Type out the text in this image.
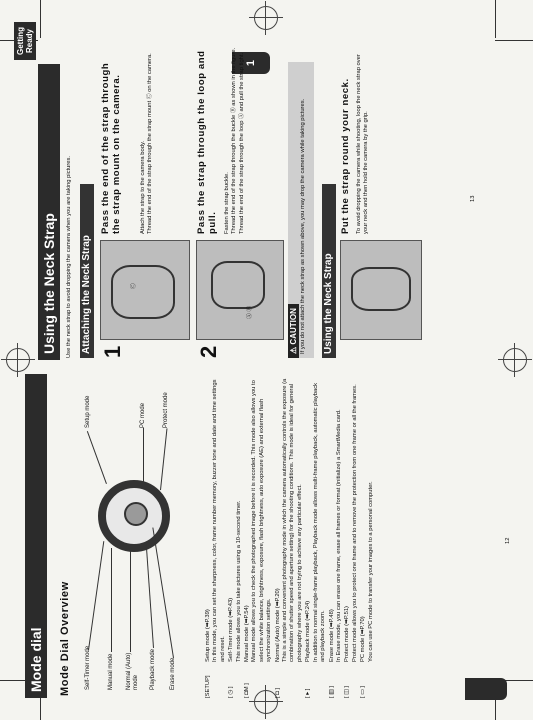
Mode dial Mode Dial Overview Self-Timer mode	Manual mode Normal (Auto) mode Playback mode Erase mode
Setup mode	PC mode	Protect mode
[SETUP]
Setup mode (➡P.39) In this mode, you can set the sharpness, color, frame number memory, buzzer tone and date and time settings and reset.
[ ◷ ]
Self-Timer mode (➡P.43) This mode allows you to take pictures using a 10-second timer.
[ ◘M ]
Manual mode (➡P.54) Manual mode allows you to check the photographed image before it is recorded. This mode also allows you to select the white balance, brightness, exposure, flash brightness, auto exposure (AE) and external flash synchronization settings.
[ ◘ ]
Normal (Auto) mode (➡P.20) This is a simple and convenient photography mode in which the camera automatically controls the exposure (a combination of shutter speed and aperture setting) for the shooting conditions. This mode is ideal for general photography where you are not trying to achieve any particular effect.
[ ▸ ]
Playback mode (➡P.24) In addition to normal single-frame playback, Playback mode allows multi-frame playback, automatic playback and playback zoom.
[ ▥ ]
Erase mode (➡P.48) In Erase mode, you can erase one frame, erase all frames or format (initialize) a SmartMedia card.
[ ◫ ]
Protect mode (➡P.51) Protect mode allows you to protect one frame and to remove the protection from one frame or all the frames.
[ ▭ ]
PC mode (➡P.70) You can use PC mode to transfer your images to a personal computer.	12
Getting Ready
1
Using the Neck Strap	Use the neck strap to avoid dropping the camera when you are taking pictures. Attaching the Neck Strap 1
Ⓒ
Pass the end of the strap through the strap mount on the camera.	Attach the strap to the camera body. Thread the end of the strap through the strap mount Ⓒ on the camera.
2
Ⓐ Ⓑ
Pass the strap through the loop and pull. Fasten the strap buckle. Thread the end of the strap through the buckle Ⓑ as shown in the figure. Thread the end of the strap through the loop Ⓐ and pull the strap tight.
⚠ CAUTION If you do not attach the neck strap as shown above, you may drop the camera while taking pictures. Using the Neck Strap
Put the strap round your neck. To avoid dropping the camera while shooting, loop the neck strap over your neck and then hold the camera by the grip.	13
